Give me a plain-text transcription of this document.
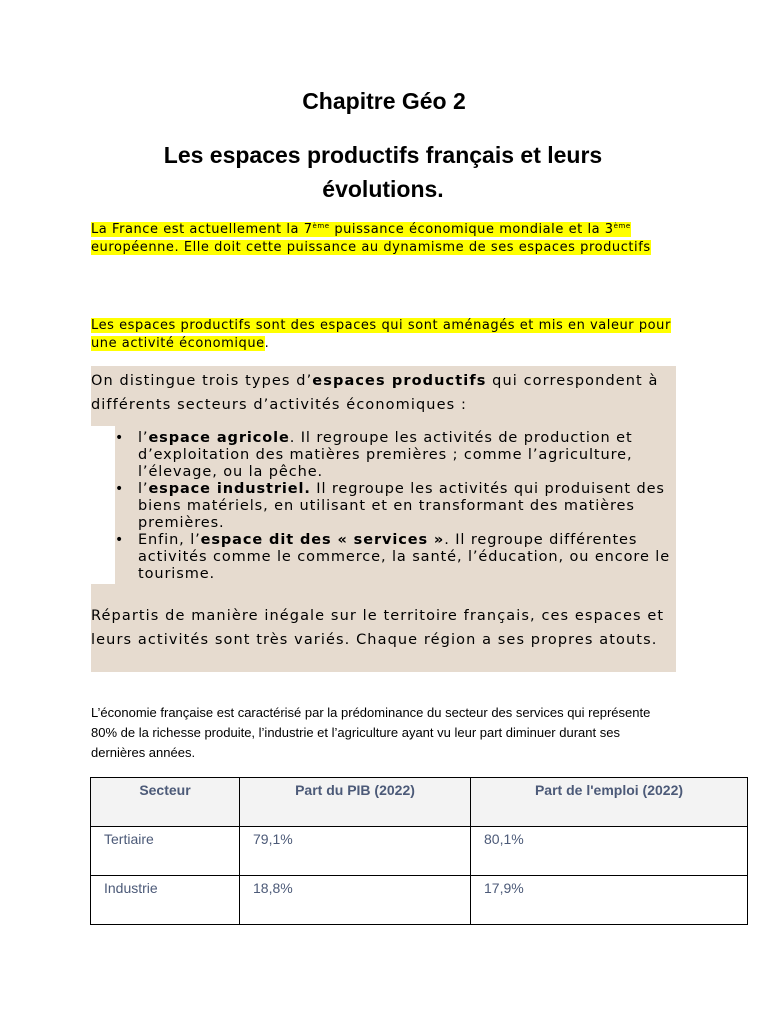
Chapitre Géo 2
Les espaces productifs français et leurs évolutions.
La France est actuellement la 7ème puissance économique mondiale et la 3ème européenne. Elle doit cette puissance au dynamisme de ses espaces productifs
Les espaces productifs sont des espaces qui sont aménagés et mis en valeur pour une activité économique.
On distingue trois types d’espaces productifs qui correspondent à différents secteurs d’activités économiques :
• l’espace agricole. Il regroupe les activités de production et d’exploitation des matières premières ; comme l’agriculture, l’élevage, ou la pêche.
• l’espace industriel. Il regroupe les activités qui produisent des biens matériels, en utilisant et en transformant des matières premières.
• Enfin, l’espace dit des « services ». Il regroupe différentes activités comme le commerce, la santé, l’éducation, ou encore le tourisme.
Répartis de manière inégale sur le territoire français, ces espaces et leurs activités sont très variés. Chaque région a ses propres atouts.
L’économie française est caractérisé par la prédominance du secteur des services qui représente 80% de la richesse produite, l’industrie et l’agriculture ayant vu leur part diminuer durant ses dernières années.
Secteur	Part du PIB (2022)	Part de l'emploi (2022)
Tertiaire	79,1%	80,1%
Industrie	18,8%	17,9%
